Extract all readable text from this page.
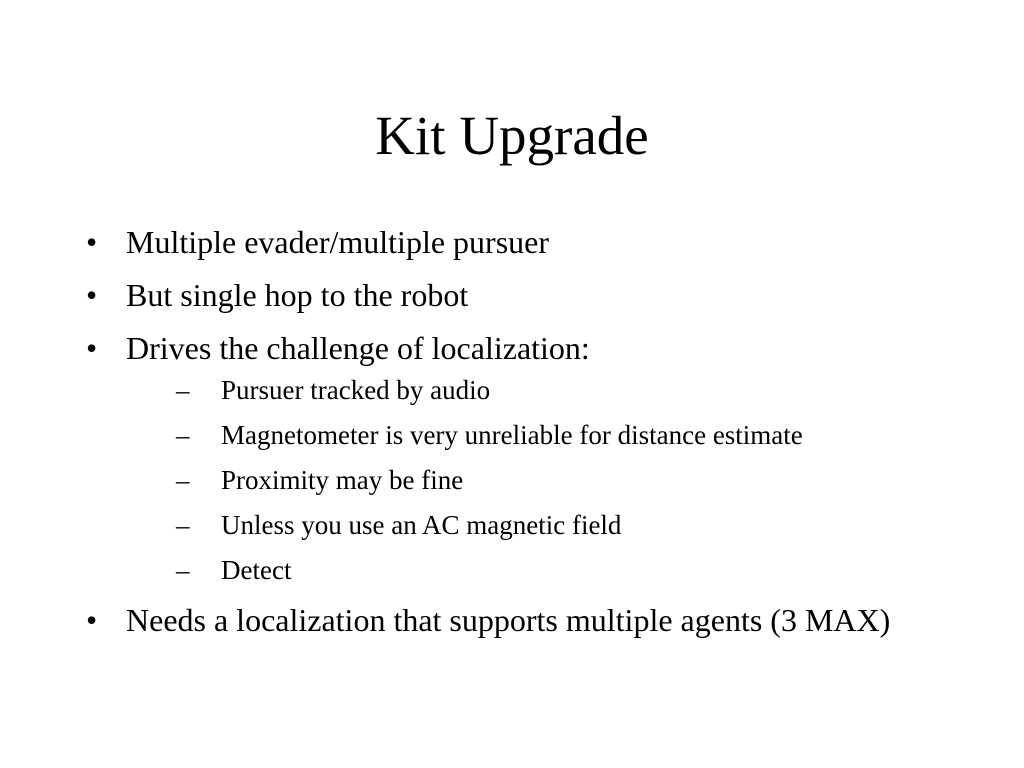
Kit Upgrade
• Multiple evader/multiple pursuer
• But single hop to the robot
• Drives the challenge of localization:
–	Pursuer tracked by audio
–	Magnetometer is very unreliable for distance estimate
–	Proximity may be fine
–	Unless you use an AC magnetic field
–	Detect
• Needs a localization that supports multiple agents (3 MAX)
